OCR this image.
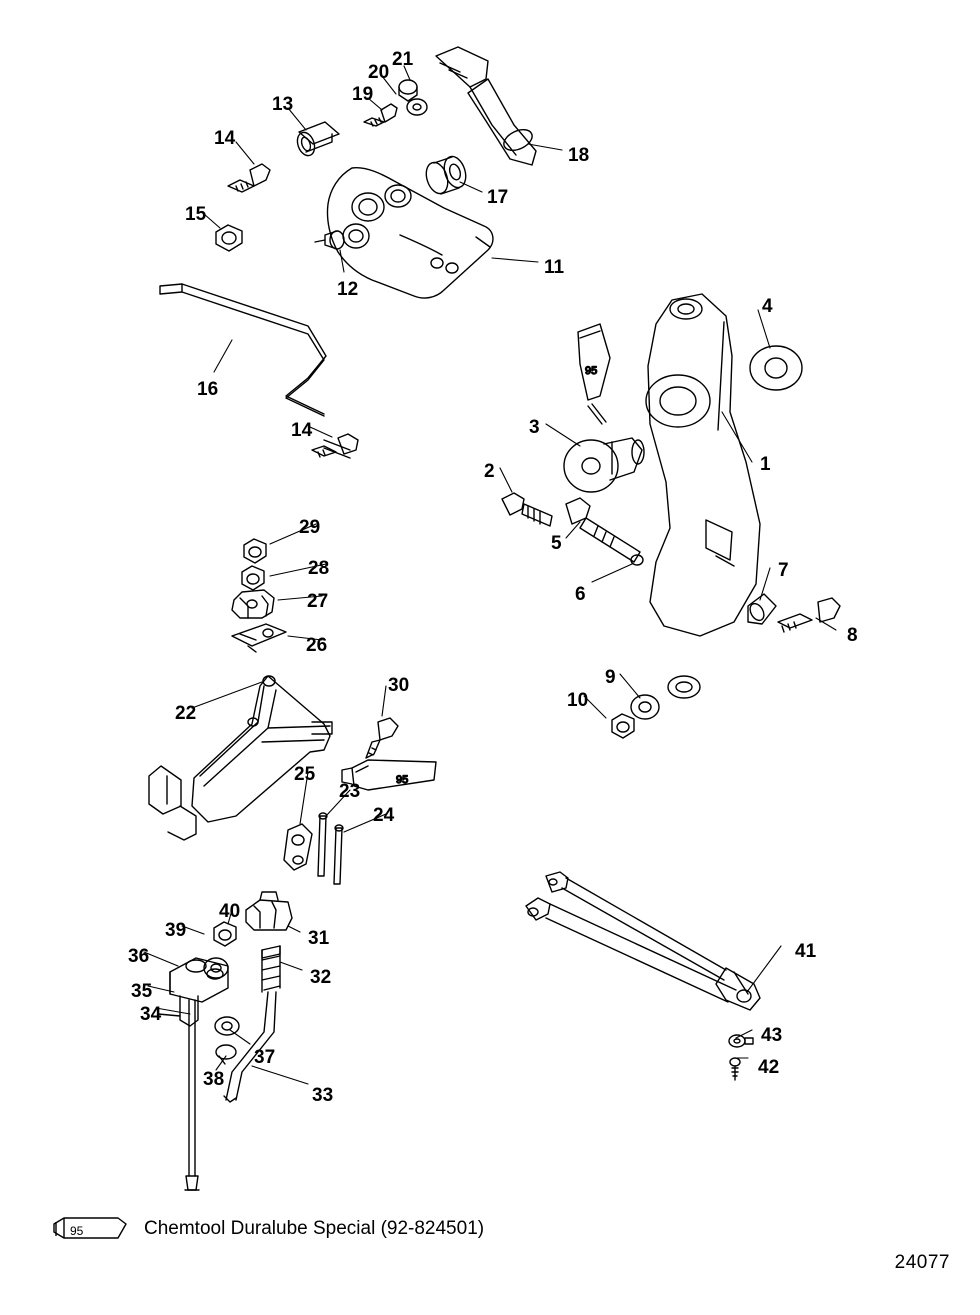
95
95
13
21
20
19
14
18
17
15
11
12
4
16
3
14
1
2
5
29
28	7
6
27
8
26
9
30
10
22
25
23
24
40
39
41
31
36
32
35
34
43
37	42
38
33
95	Chemtool Duralube Special (92-824501)
24077
